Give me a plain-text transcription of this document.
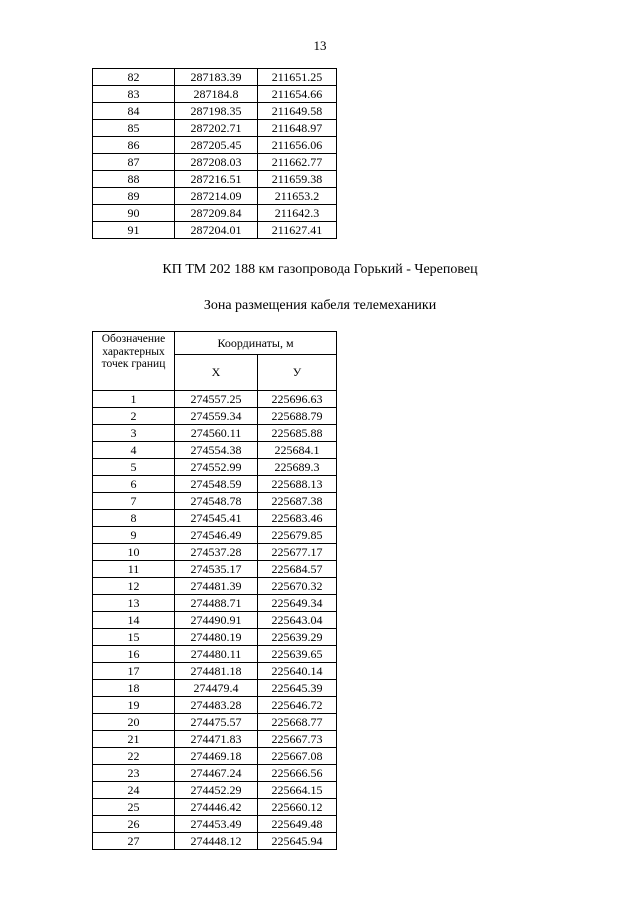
13
82	287183.39	211651.25
83	287184.8	211654.66
84	287198.35	211649.58
85	287202.71	211648.97
86	287205.45	211656.06
87	287208.03	211662.77
88	287216.51	211659.38
89	287214.09	211653.2
90	287209.84	211642.3
91	287204.01	211627.41
КП ТМ 202 188 км газопровода Горький - Череповец
Зона размещения кабеля телемеханики
Обозначение характерных точек границ	Координаты, м	
	Х	У
1	274557.25	225696.63
2	274559.34	225688.79
3	274560.11	225685.88
4	274554.38	225684.1
5	274552.99	225689.3
6	274548.59	225688.13
7	274548.78	225687.38
8	274545.41	225683.46
9	274546.49	225679.85
10	274537.28	225677.17
11	274535.17	225684.57
12	274481.39	225670.32
13	274488.71	225649.34
14	274490.91	225643.04
15	274480.19	225639.29
16	274480.11	225639.65
17	274481.18	225640.14
18	274479.4	225645.39
19	274483.28	225646.72
20	274475.57	225668.77
21	274471.83	225667.73
22	274469.18	225667.08
23	274467.24	225666.56
24	274452.29	225664.15
25	274446.42	225660.12
26	274453.49	225649.48
27	274448.12	225645.94
